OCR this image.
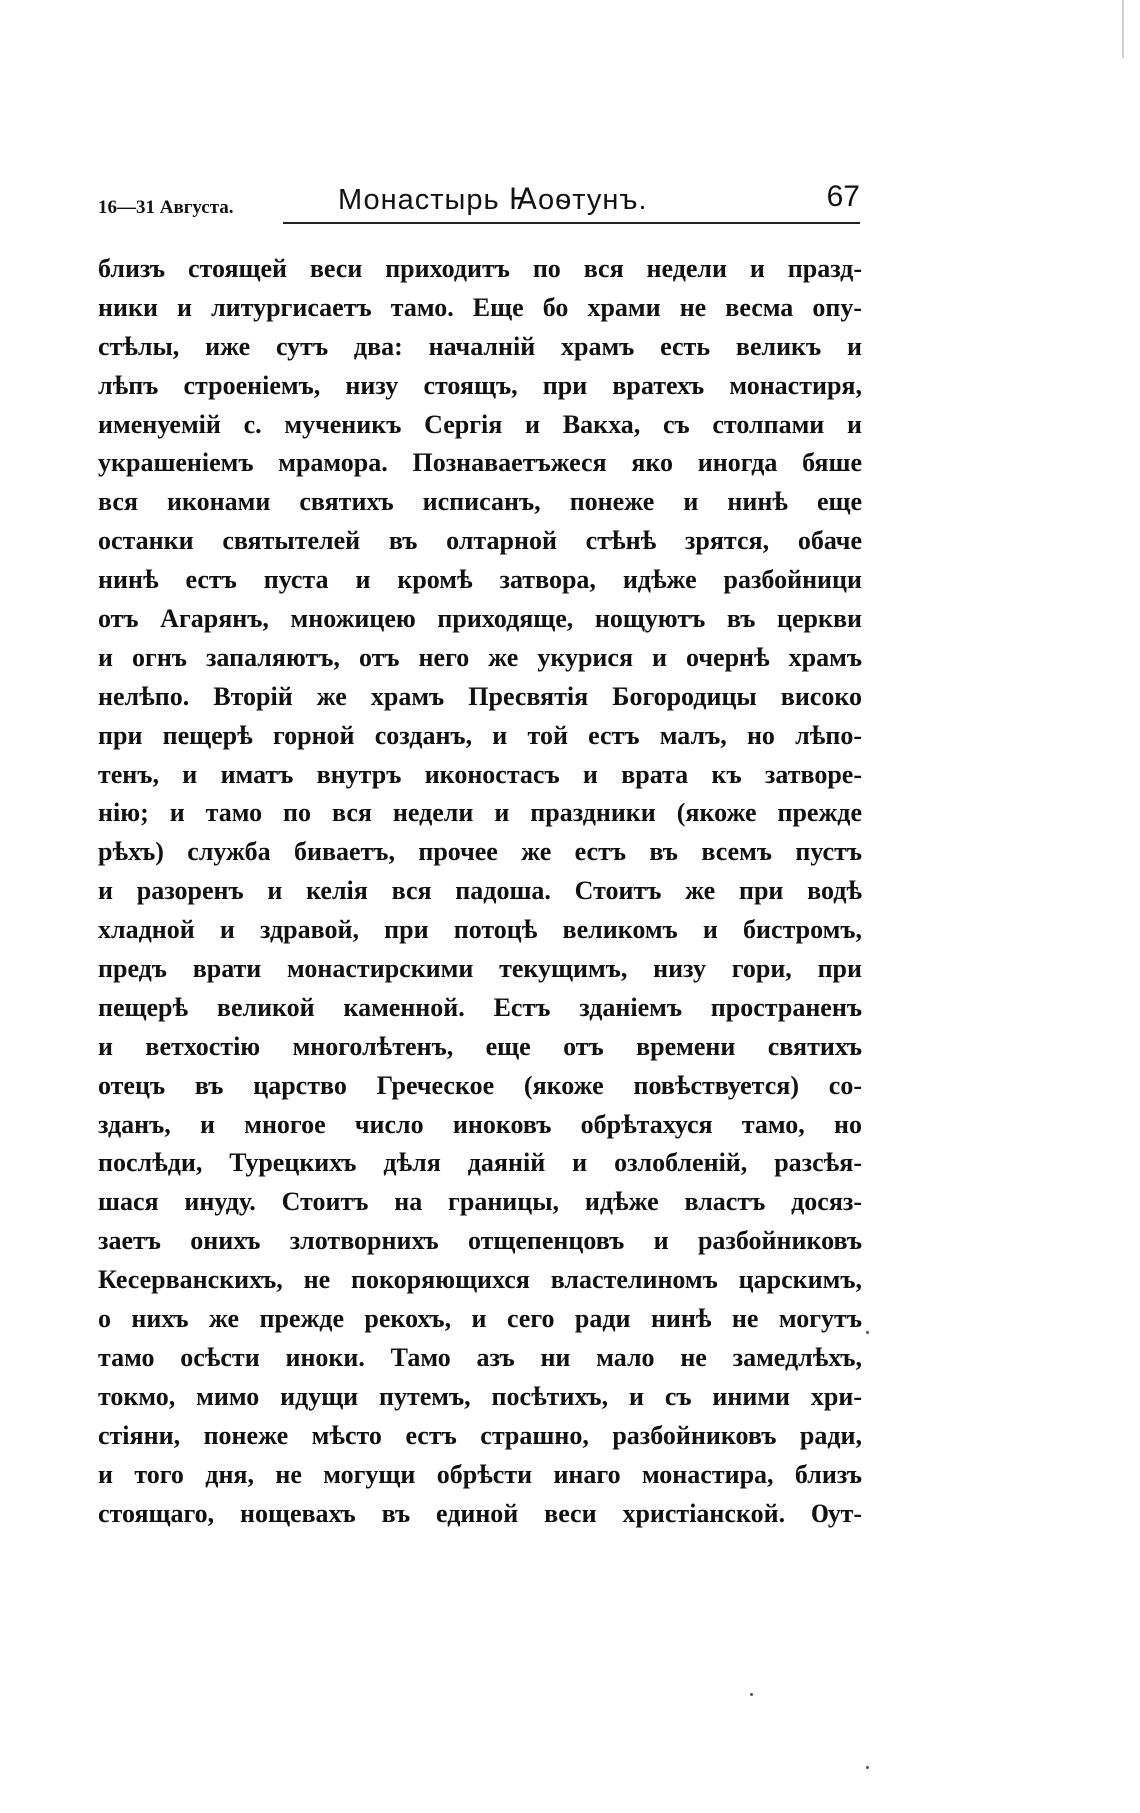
16—31 Августа.	Монастырь Ꙗоѳтунъ.	67
близъ стоящей веси приходитъ по вся недели и празд-
ники и литургисаетъ тамо. Еще бо храми не весма опу-
стѣлы, иже сутъ два: началнiй храмъ есть великъ и
лѣпъ строенiемъ, низу стоящъ, при вратехъ монастиря,
именуемiй с. мученикъ Сергiя и Вакха, съ столпами и
украшенiемъ мрамора. Познаваетъжеся яко иногда бяше
вся иконами святихъ исписанъ, понеже и нинѣ еще
останки святытелей въ олтарной стѣнѣ зрятся, обаче
нинѣ естъ пуста и кромѣ затвора, идѣже разбойници
отъ Агарянъ, множицею приходяще, нощуютъ въ церкви
и огнъ запаляютъ, отъ него же укурися и очернѣ храмъ
нелѣпо. Вторiй же храмъ Пресвятiя Богородицы високо
при пещерѣ горной созданъ, и той естъ малъ, но лѣпо-
тенъ, и иматъ внутръ иконостасъ и врата къ затворе-
нiю; и тамо по вся недели и праздники (якоже прежде
рѣхъ) служба биваетъ, прочее же естъ въ всемъ пустъ
и разоренъ и келiя вся падоша. Стоитъ же при водѣ
хладной и здравой, при потоцѣ великомъ и бистромъ,
предъ врати монастирскими текущимъ, низу гори, при
пещерѣ великой каменной. Естъ зданiемъ пространенъ
и ветхостiю многолѣтенъ, еще отъ времени святихъ
отецъ въ царство Греческое (якоже повѣствуется) со-
зданъ, и многое число иноковъ обрѣтахуся тамо, но
послѣди, Турецкихъ дѣля даянiй и озлобленiй, разсѣя-
шася инуду. Стоитъ на границы, идѣже властъ досяз-
заетъ онихъ злотворнихъ отщепенцовъ и разбойниковъ
Кесерванскихъ, не покоряющихся властелиномъ царскимъ,
о нихъ же прежде рекохъ, и сего ради нинѣ не могутъ
тамо осѣсти иноки. Тамо азъ ни мало не замедлѣхъ,
токмо, мимо идущи путемъ, посѣтихъ, и съ иними хри-
стiяни, понеже мѣсто естъ страшно, разбойниковъ ради,
и того дня, не могущи обрѣсти инаго монастира, близъ
стоящаго, нощевахъ въ единой веси христiанской. Ѹт-
